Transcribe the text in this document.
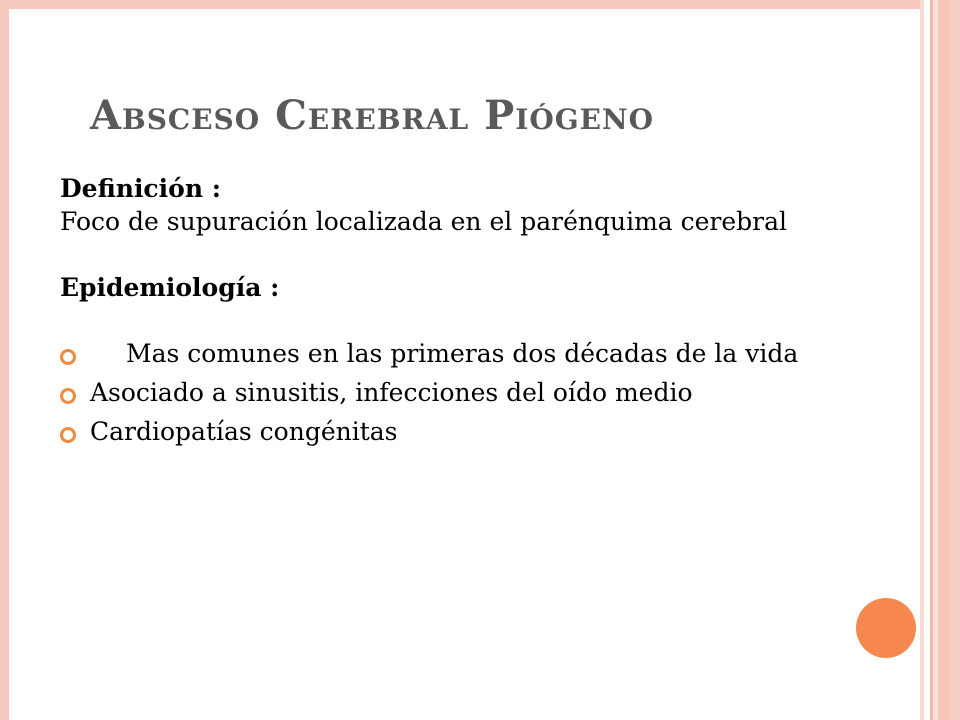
Absceso Cerebral Piógeno
Definición :
Foco de supuración localizada en el parénquima cerebral
Epidemiología :
Mas comunes en las primeras dos décadas de la vida
Asociado a sinusitis, infecciones del oído medio
Cardiopatías congénitas
